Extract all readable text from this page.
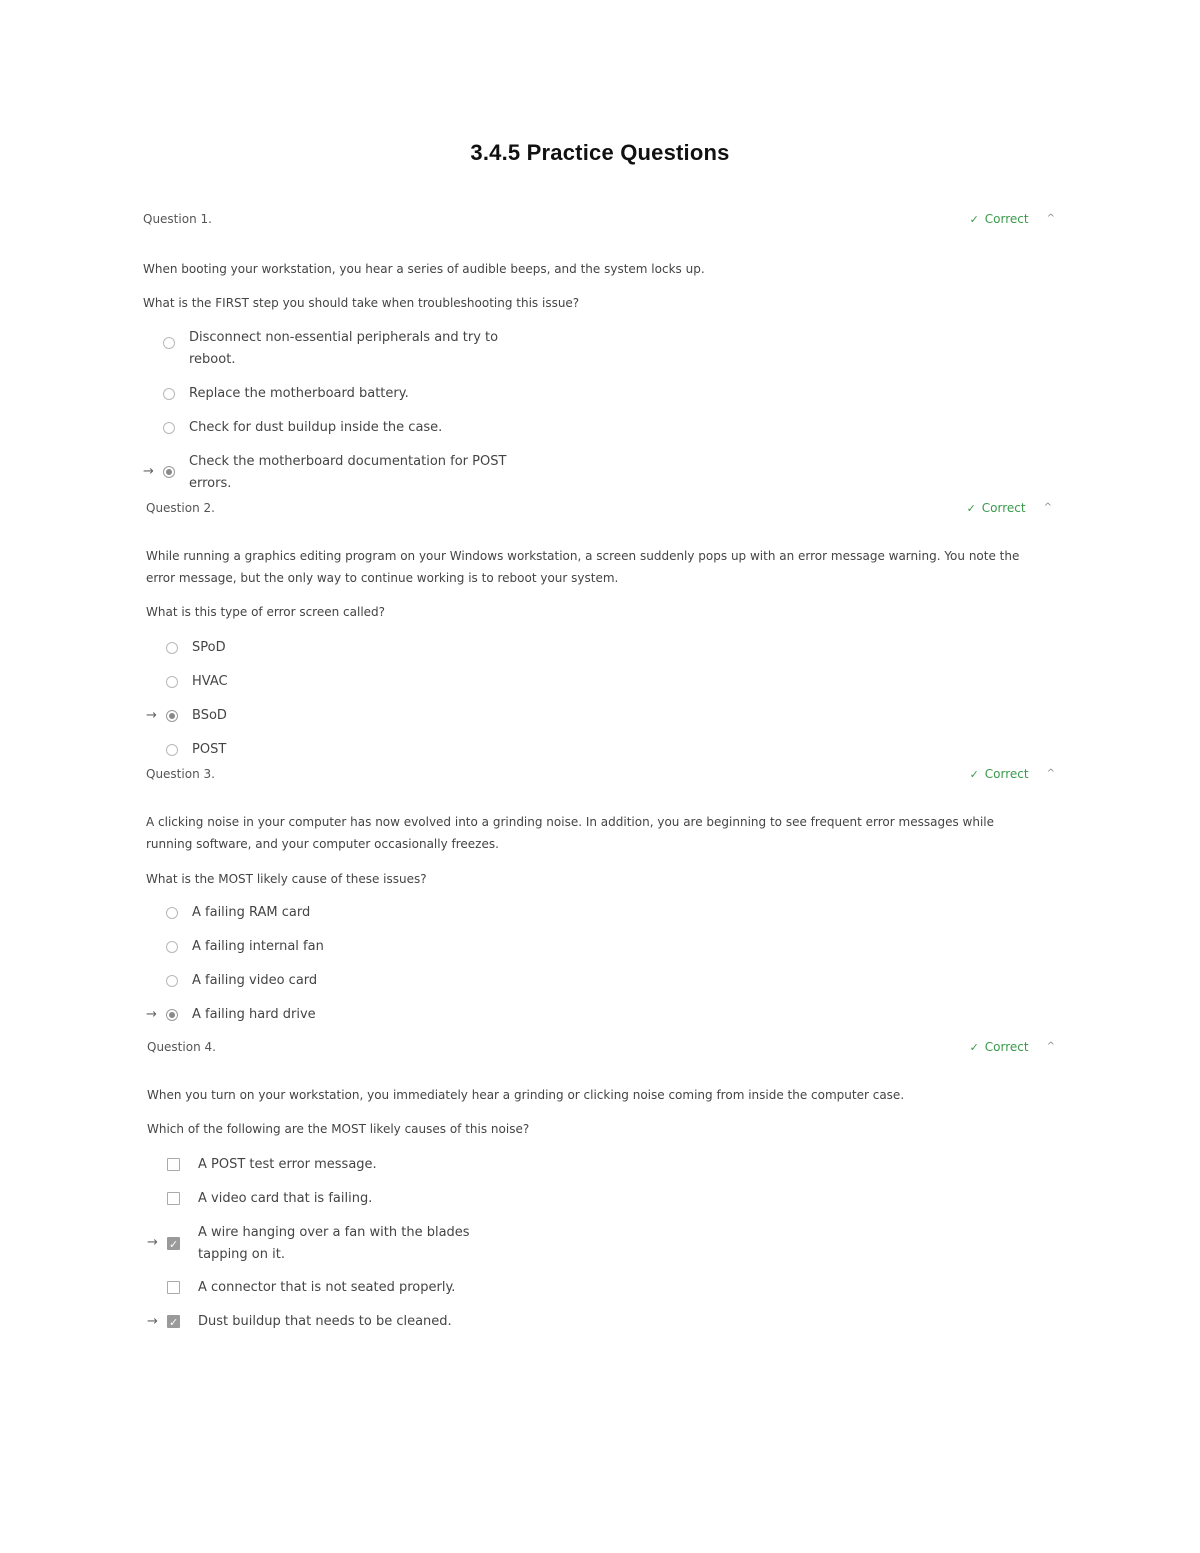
3.4.5 Practice Questions
Question 1.	✓ Correct ^
When booting your workstation, you hear a series of audible beeps, and the system locks up.
What is the FIRST step you should take when troubleshooting this issue?
Disconnect non-essential peripherals and try to reboot.
Replace the motherboard battery.
Check for dust buildup inside the case.
→
Check the motherboard documentation for POST errors.
Question 2.	✓ Correct ^
While running a graphics editing program on your Windows workstation, a screen suddenly pops up with an error message warning. You note the error message, but the only way to continue working is to reboot your system.
What is this type of error screen called?
SPoD
HVAC
→	BSoD
POST
Question 3.	✓ Correct ^
A clicking noise in your computer has now evolved into a grinding noise. In addition, you are beginning to see frequent error messages while running software, and your computer occasionally freezes.
What is the MOST likely cause of these issues?
A failing RAM card
A failing internal fan
A failing video card
→	A failing hard drive
Question 4.	✓ Correct ^
When you turn on your workstation, you immediately hear a grinding or clicking noise coming from inside the computer case.
Which of the following are the MOST likely causes of this noise?
A POST test error message.
A video card that is failing.
→
✓
A wire hanging over a fan with the blades tapping on it.
A connector that is not seated properly.
→
✓	Dust buildup that needs to be cleaned.
